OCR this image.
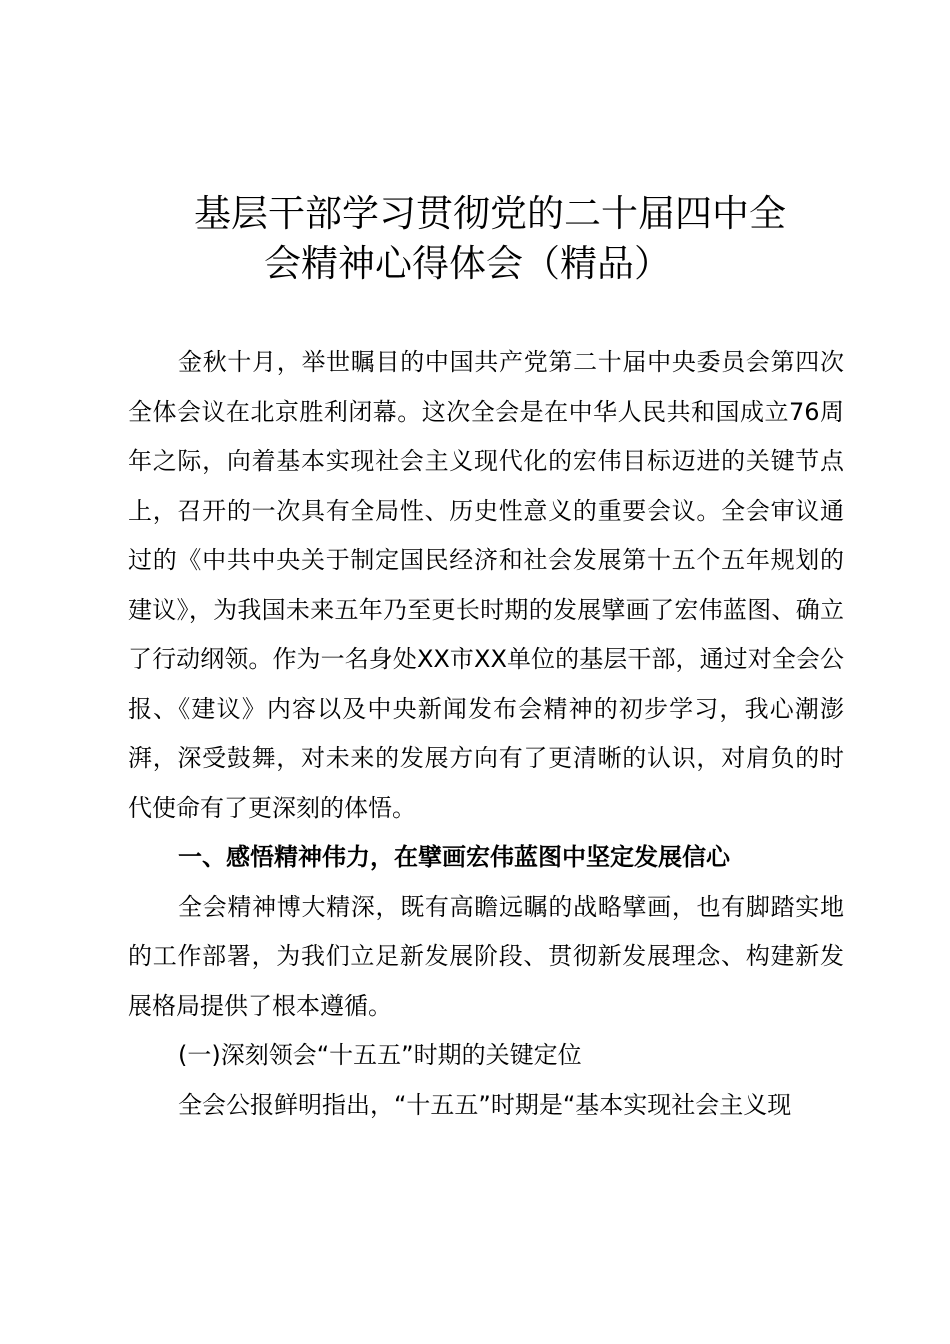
基层干部学习贯彻党的二十届四中全
会精神心得体会（精品）

金秋十月，举世瞩目的中国共产党第二十届中央委员会第四次全体会议在北京胜利闭幕。这次全会是在中华人民共和国成立76周年之际，向着基本实现社会主义现代化的宏伟目标迈进的关键节点上，召开的一次具有全局性、历史性意义的重要会议。全会审议通过的《中共中央关于制定国民经济和社会发展第十五个五年规划的建议》，为我国未来五年乃至更长时期的发展擘画了宏伟蓝图、确立了行动纲领。作为一名身处XX市XX单位的基层干部，通过对全会公报、《建议》内容以及中央新闻发布会精神的初步学习，我心潮澎湃，深受鼓舞，对未来的发展方向有了更清晰的认识，对肩负的时代使命有了更深刻的体悟。

一、感悟精神伟力，在擘画宏伟蓝图中坚定发展信心

全会精神博大精深，既有高瞻远瞩的战略擘画，也有脚踏实地的工作部署，为我们立足新发展阶段、贯彻新发展理念、构建新发展格局提供了根本遵循。

(一)深刻领会“十五五”时期的关键定位

全会公报鲜明指出，“十五五”时期是“基本实现社会主义现
